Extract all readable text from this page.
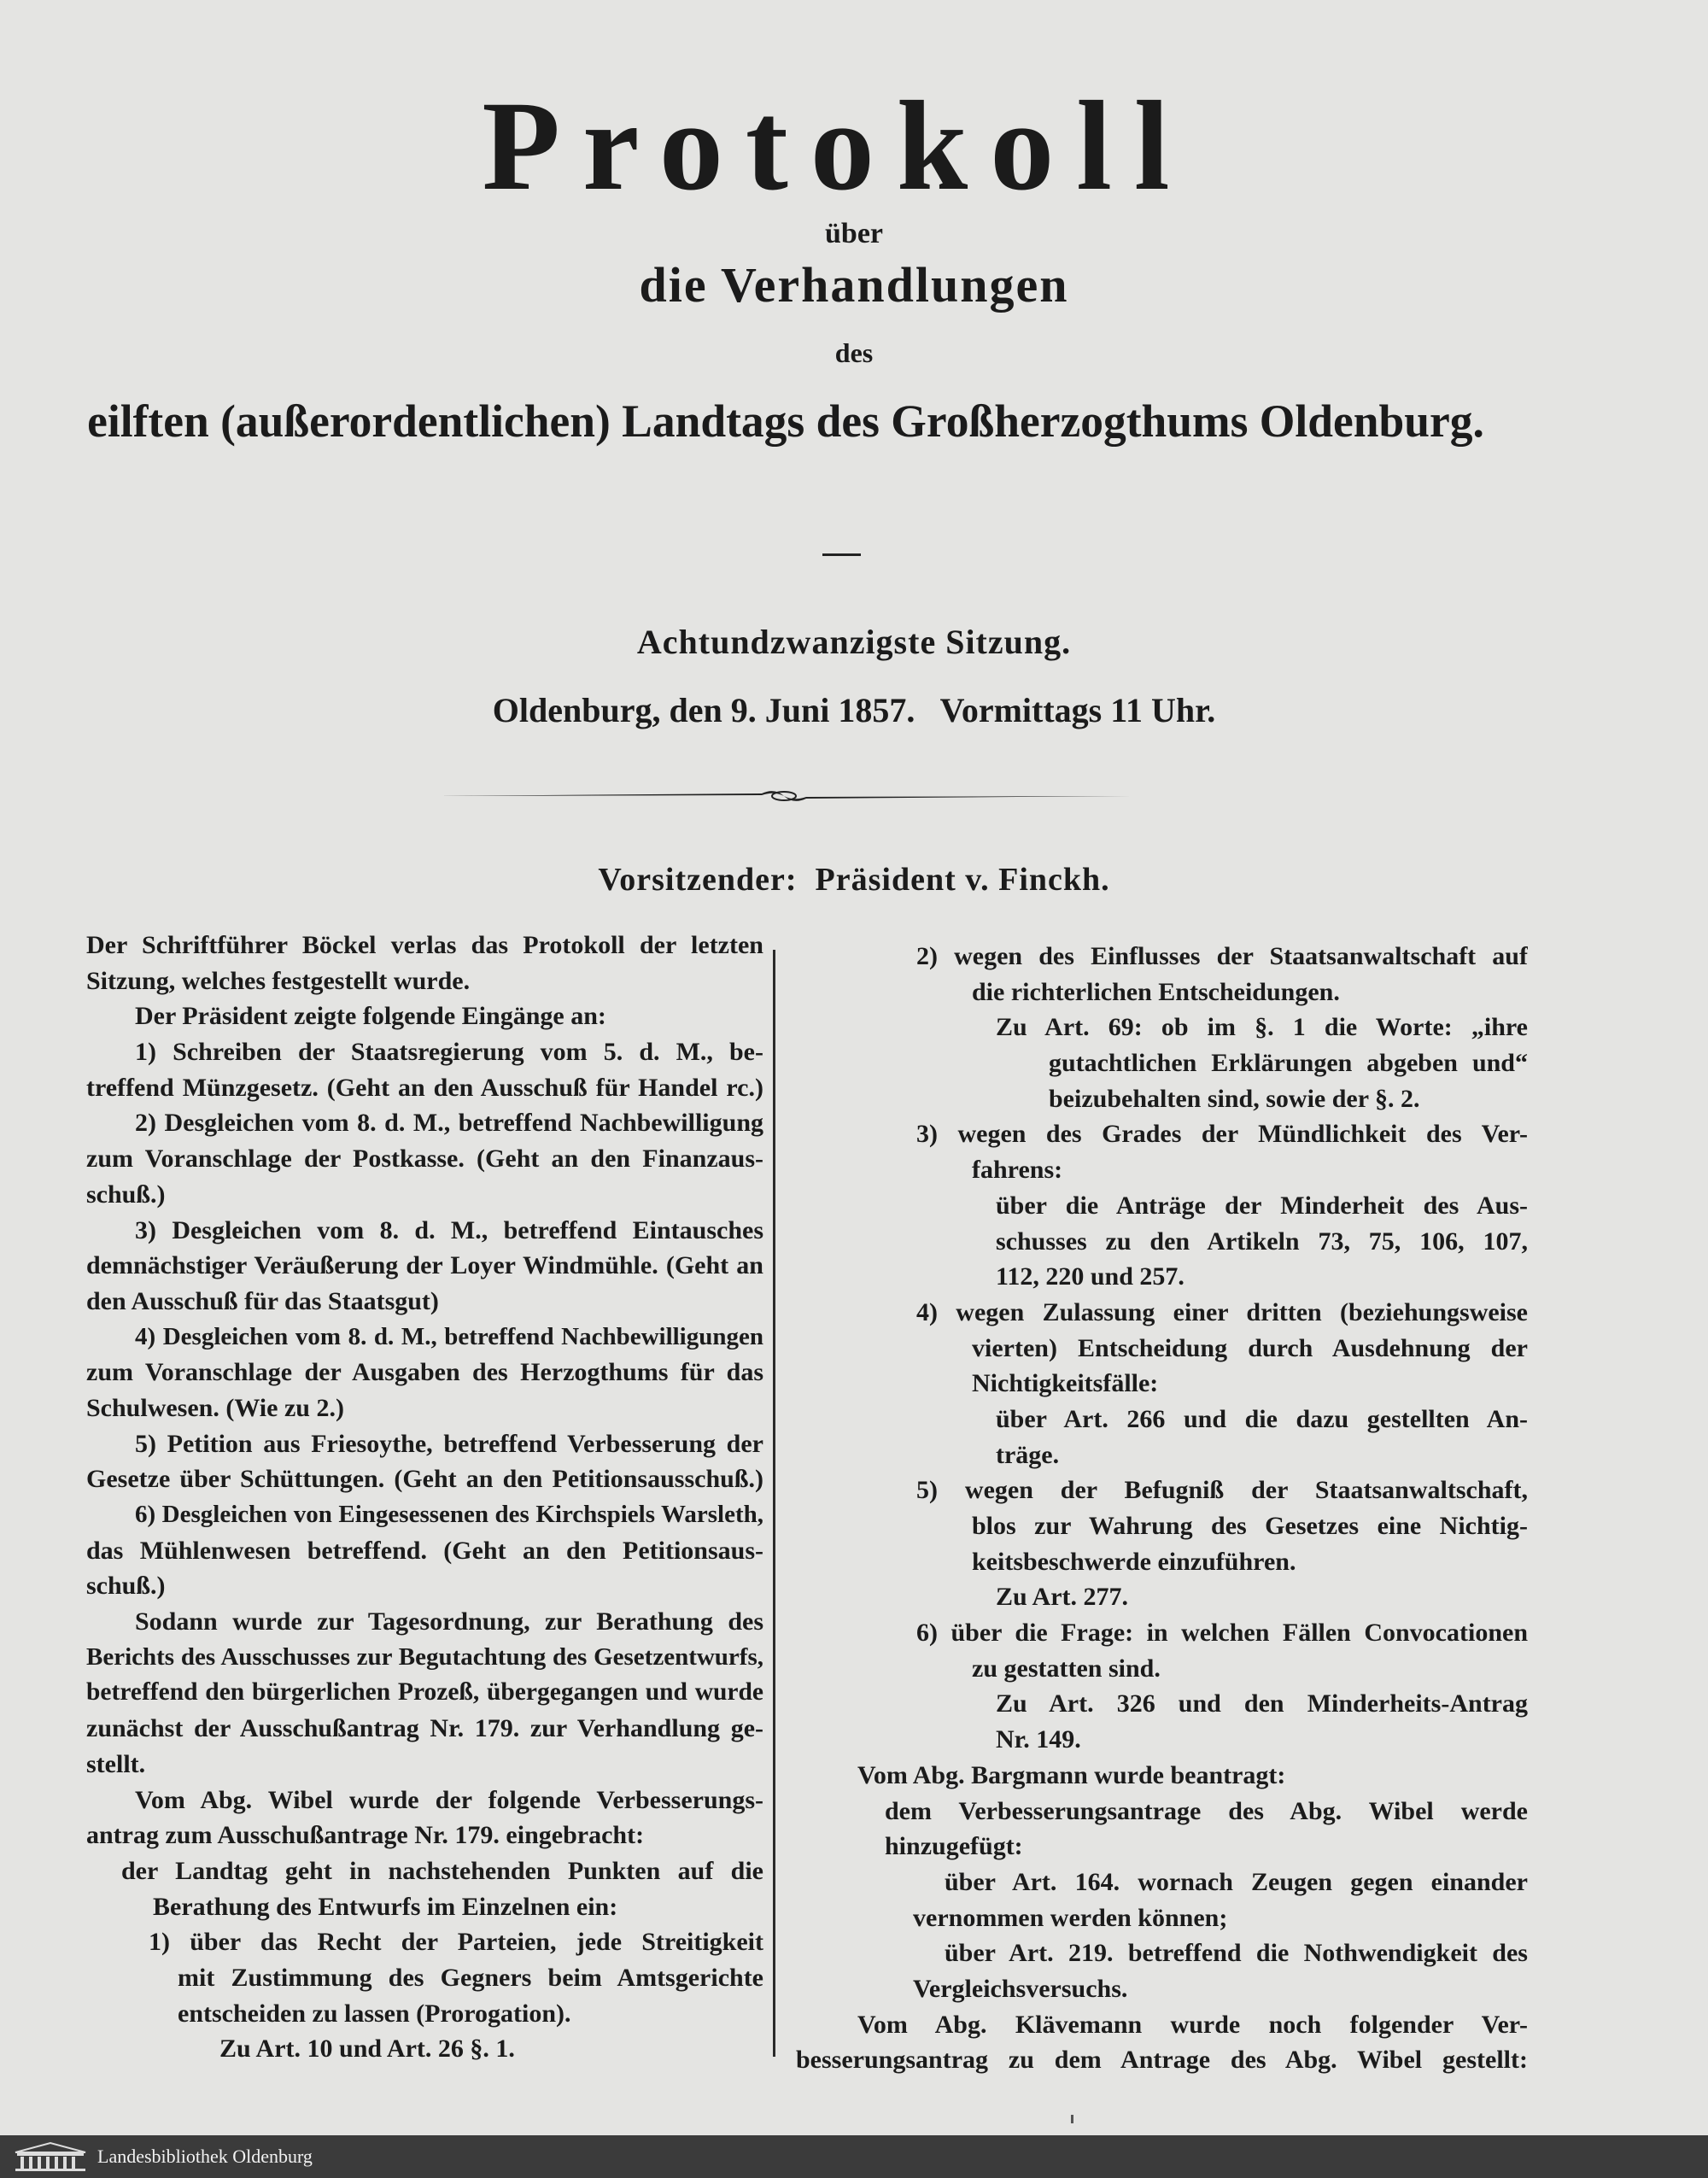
Protokoll
über
die Verhandlungen
des
eilften (außerordentlichen) Landtags des Großherzogthums Oldenburg.
Achtundzwanzigste Sitzung.
Oldenburg, den 9. Juni 1857.   Vormittags 11 Uhr.
Vorsitzender:  Präsident v. Finckh.
Der Schriftführer Böckel verlas das Protokoll der letzten
Sitzung, welches festgestellt wurde.
Der Präsident zeigte folgende Eingänge an:
1) Schreiben der Staatsregierung vom 5. d. M., be-
treffend Münzgesetz. (Geht an den Ausschuß für Handel rc.)
2) Desgleichen vom 8. d. M., betreffend Nachbewilligung
zum Voranschlage der Postkasse. (Geht an den Finanzaus-
schuß.)
3) Desgleichen vom 8. d. M., betreffend Eintausches
demnächstiger Veräußerung der Loyer Windmühle. (Geht an
den Ausschuß für das Staatsgut)
4) Desgleichen vom 8. d. M., betreffend Nachbewilligungen
zum Voranschlage der Ausgaben des Herzogthums für das
Schulwesen. (Wie zu 2.)
5) Petition aus Friesoythe, betreffend Verbesserung der
Gesetze über Schüttungen. (Geht an den Petitionsausschuß.)
6) Desgleichen von Eingesessenen des Kirchspiels Warsleth,
das Mühlenwesen betreffend. (Geht an den Petitionsaus-
schuß.)
Sodann wurde zur Tagesordnung, zur Berathung des
Berichts des Ausschusses zur Begutachtung des Gesetzentwurfs,
betreffend den bürgerlichen Prozeß, übergegangen und wurde
zunächst der Ausschußantrag Nr. 179. zur Verhandlung ge-
stellt.
Vom Abg. Wibel wurde der folgende Verbesserungs-
antrag zum Ausschußantrage Nr. 179. eingebracht:
der Landtag geht in nachstehenden Punkten auf die
Berathung des Entwurfs im Einzelnen ein:
1) über das Recht der Parteien, jede Streitigkeit
mit Zustimmung des Gegners beim Amtsgerichte
entscheiden zu lassen (Prorogation).
Zu Art. 10 und Art. 26 §. 1.
2) wegen des Einflusses der Staatsanwaltschaft auf
die richterlichen Entscheidungen.
Zu Art. 69: ob im §. 1 die Worte: „ihre
gutachtlichen Erklärungen abgeben und“
beizubehalten sind, sowie der §. 2.
3) wegen des Grades der Mündlichkeit des Ver-
fahrens:
über die Anträge der Minderheit des Aus-
schusses zu den Artikeln 73, 75, 106, 107,
112, 220 und 257.
4) wegen Zulassung einer dritten (beziehungsweise
vierten) Entscheidung durch Ausdehnung der
Nichtigkeitsfälle:
über Art. 266 und die dazu gestellten An-
träge.
5) wegen der Befugniß der Staatsanwaltschaft,
blos zur Wahrung des Gesetzes eine Nichtig-
keitsbeschwerde einzuführen.
Zu Art. 277.
6) über die Frage: in welchen Fällen Convocationen
zu gestatten sind.
Zu Art. 326 und den Minderheits-Antrag
Nr. 149.
Vom Abg. Bargmann wurde beantragt:
dem Verbesserungsantrage des Abg. Wibel werde
hinzugefügt:
über Art. 164. wornach Zeugen gegen einander
vernommen werden können;
über Art. 219. betreffend die Nothwendigkeit des
Vergleichsversuchs.
Vom Abg. Klävemann wurde noch folgender Ver-
besserungsantrag zu dem Antrage des Abg. Wibel gestellt:
Landesbibliothek Oldenburg
